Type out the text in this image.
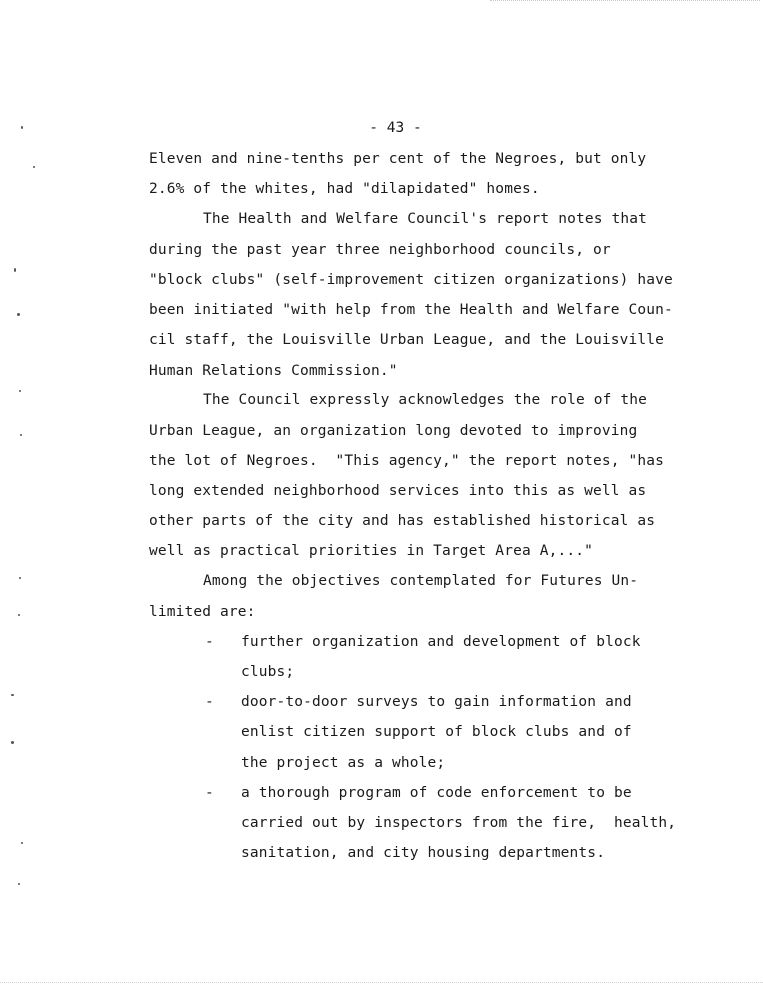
- 43 -
Eleven and nine-tenths per cent of the Negroes, but only
2.6% of the whites, had "dilapidated" homes.
The Health and Welfare Council's report notes that
during the past year three neighborhood councils, or
"block clubs" (self-improvement citizen organizations) have
been initiated "with help from the Health and Welfare Coun-
cil staff, the Louisville Urban League, and the Louisville
Human Relations Commission."
The Council expressly acknowledges the role of the
Urban League, an organization long devoted to improving
the lot of Negroes.  "This agency," the report notes, "has
long extended neighborhood services into this as well as
other parts of the city and has established historical as
well as practical priorities in Target Area A,..."
Among the objectives contemplated for Futures Un-
limited are:
- further organization and development of block
clubs;
- door-to-door surveys to gain information and
enlist citizen support of block clubs and of
the project as a whole;
- a thorough program of code enforcement to be
carried out by inspectors from the fire,  health,
sanitation, and city housing departments.
